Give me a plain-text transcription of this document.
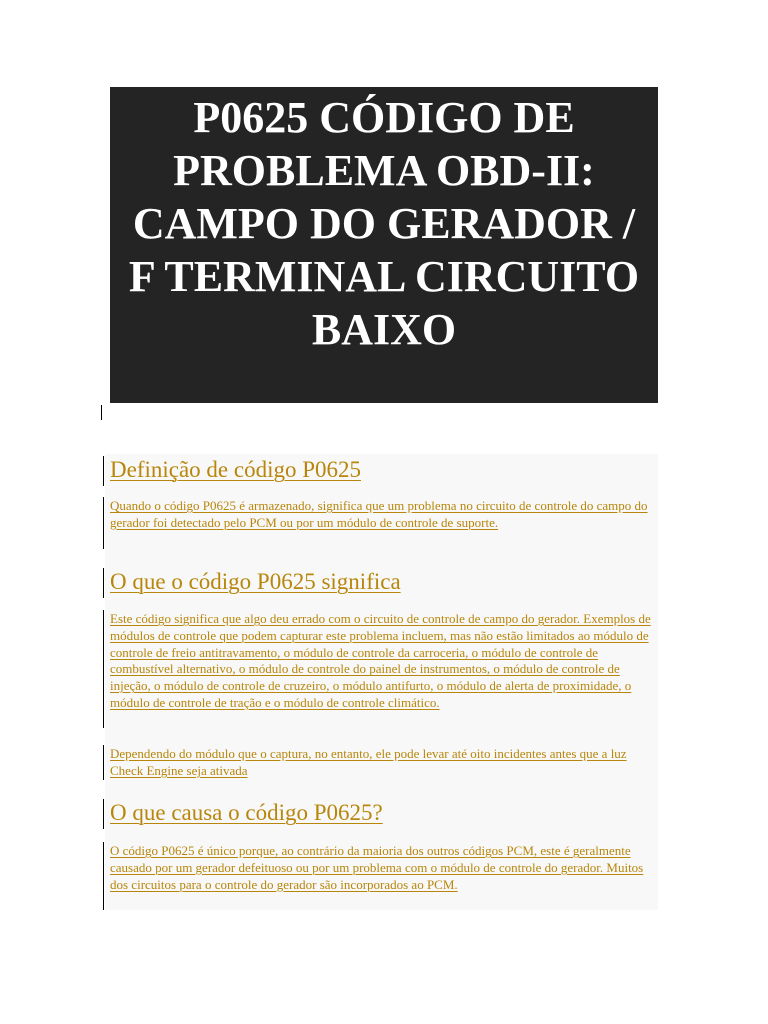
P0625 CÓDIGO DE PROBLEMA OBD-II: CAMPO DO GERADOR / F TERMINAL CIRCUITO BAIXO
Definição de código P0625

Quando o código P0625 é armazenado, significa que um problema no circuito de controle do campo do gerador foi detectado pelo PCM ou por um módulo de controle de suporte.

O que o código P0625 significa

Este código significa que algo deu errado com o circuito de controle de campo do gerador. Exemplos de módulos de controle que podem capturar este problema incluem, mas não estão limitados ao módulo de controle de freio antitravamento, o módulo de controle da carroceria, o módulo de controle de combustível alternativo, o módulo de controle do painel de instrumentos, o módulo de controle de injeção, o módulo de controle de cruzeiro, o módulo antifurto, o módulo de alerta de proximidade, o módulo de controle de tração e o módulo de controle climático.

Dependendo do módulo que o captura, no entanto, ele pode levar até oito incidentes antes que a luz Check Engine seja ativada

O que causa o código P0625?

O código P0625 é único porque, ao contrário da maioria dos outros códigos PCM, este é geralmente causado por um gerador defeituoso ou por um problema com o módulo de controle do gerador. Muitos dos circuitos para o controle do gerador são incorporados ao PCM.
